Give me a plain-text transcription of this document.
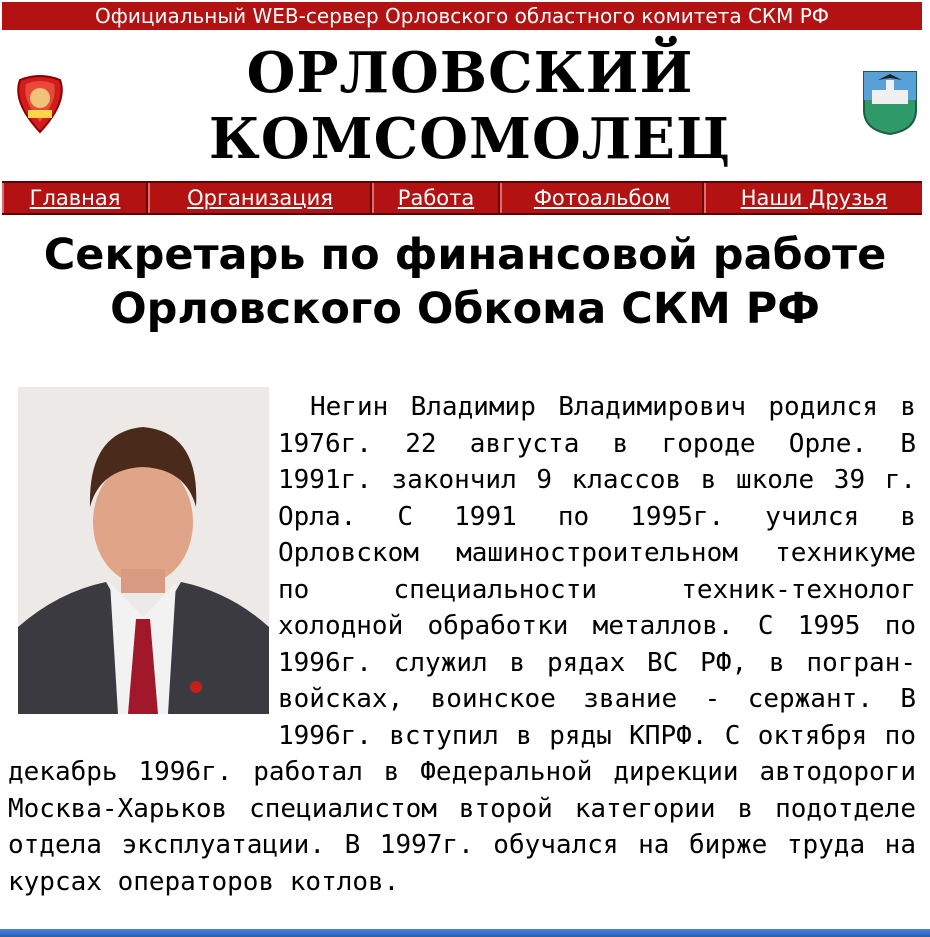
Официальный WEB-сервер Орловского областного комитета СКМ РФ
ОРЛОВСКИЙ
КОМСОМОЛЕЦ
Главная	Организация	Работа	Фотоальбом	Наши Друзья
Секретарь по финансовой работе
Орловского Обкома СКМ РФ
Негин Владимир Владимирович родился в 1976г. 22 августа в городе Орле. В 1991г. закончил 9 классов в школе 39 г. Орла. С 1991 по 1995г. учился в Орловском машиностроительном техникуме по специальности техник-технолог холодной обработки металлов. С 1995 по 1996г. служил в рядах ВС РФ, в погран-войсках, воинское звание - сержант. В 1996г. вступил в ряды КПРФ. С октября по декабрь 1996г. работал в Федеральной дирекции автодороги Москва-Харьков специалистом второй категории в подотделе отдела эксплуатации. В 1997г. обучался на бирже труда на курсах операторов котлов.
